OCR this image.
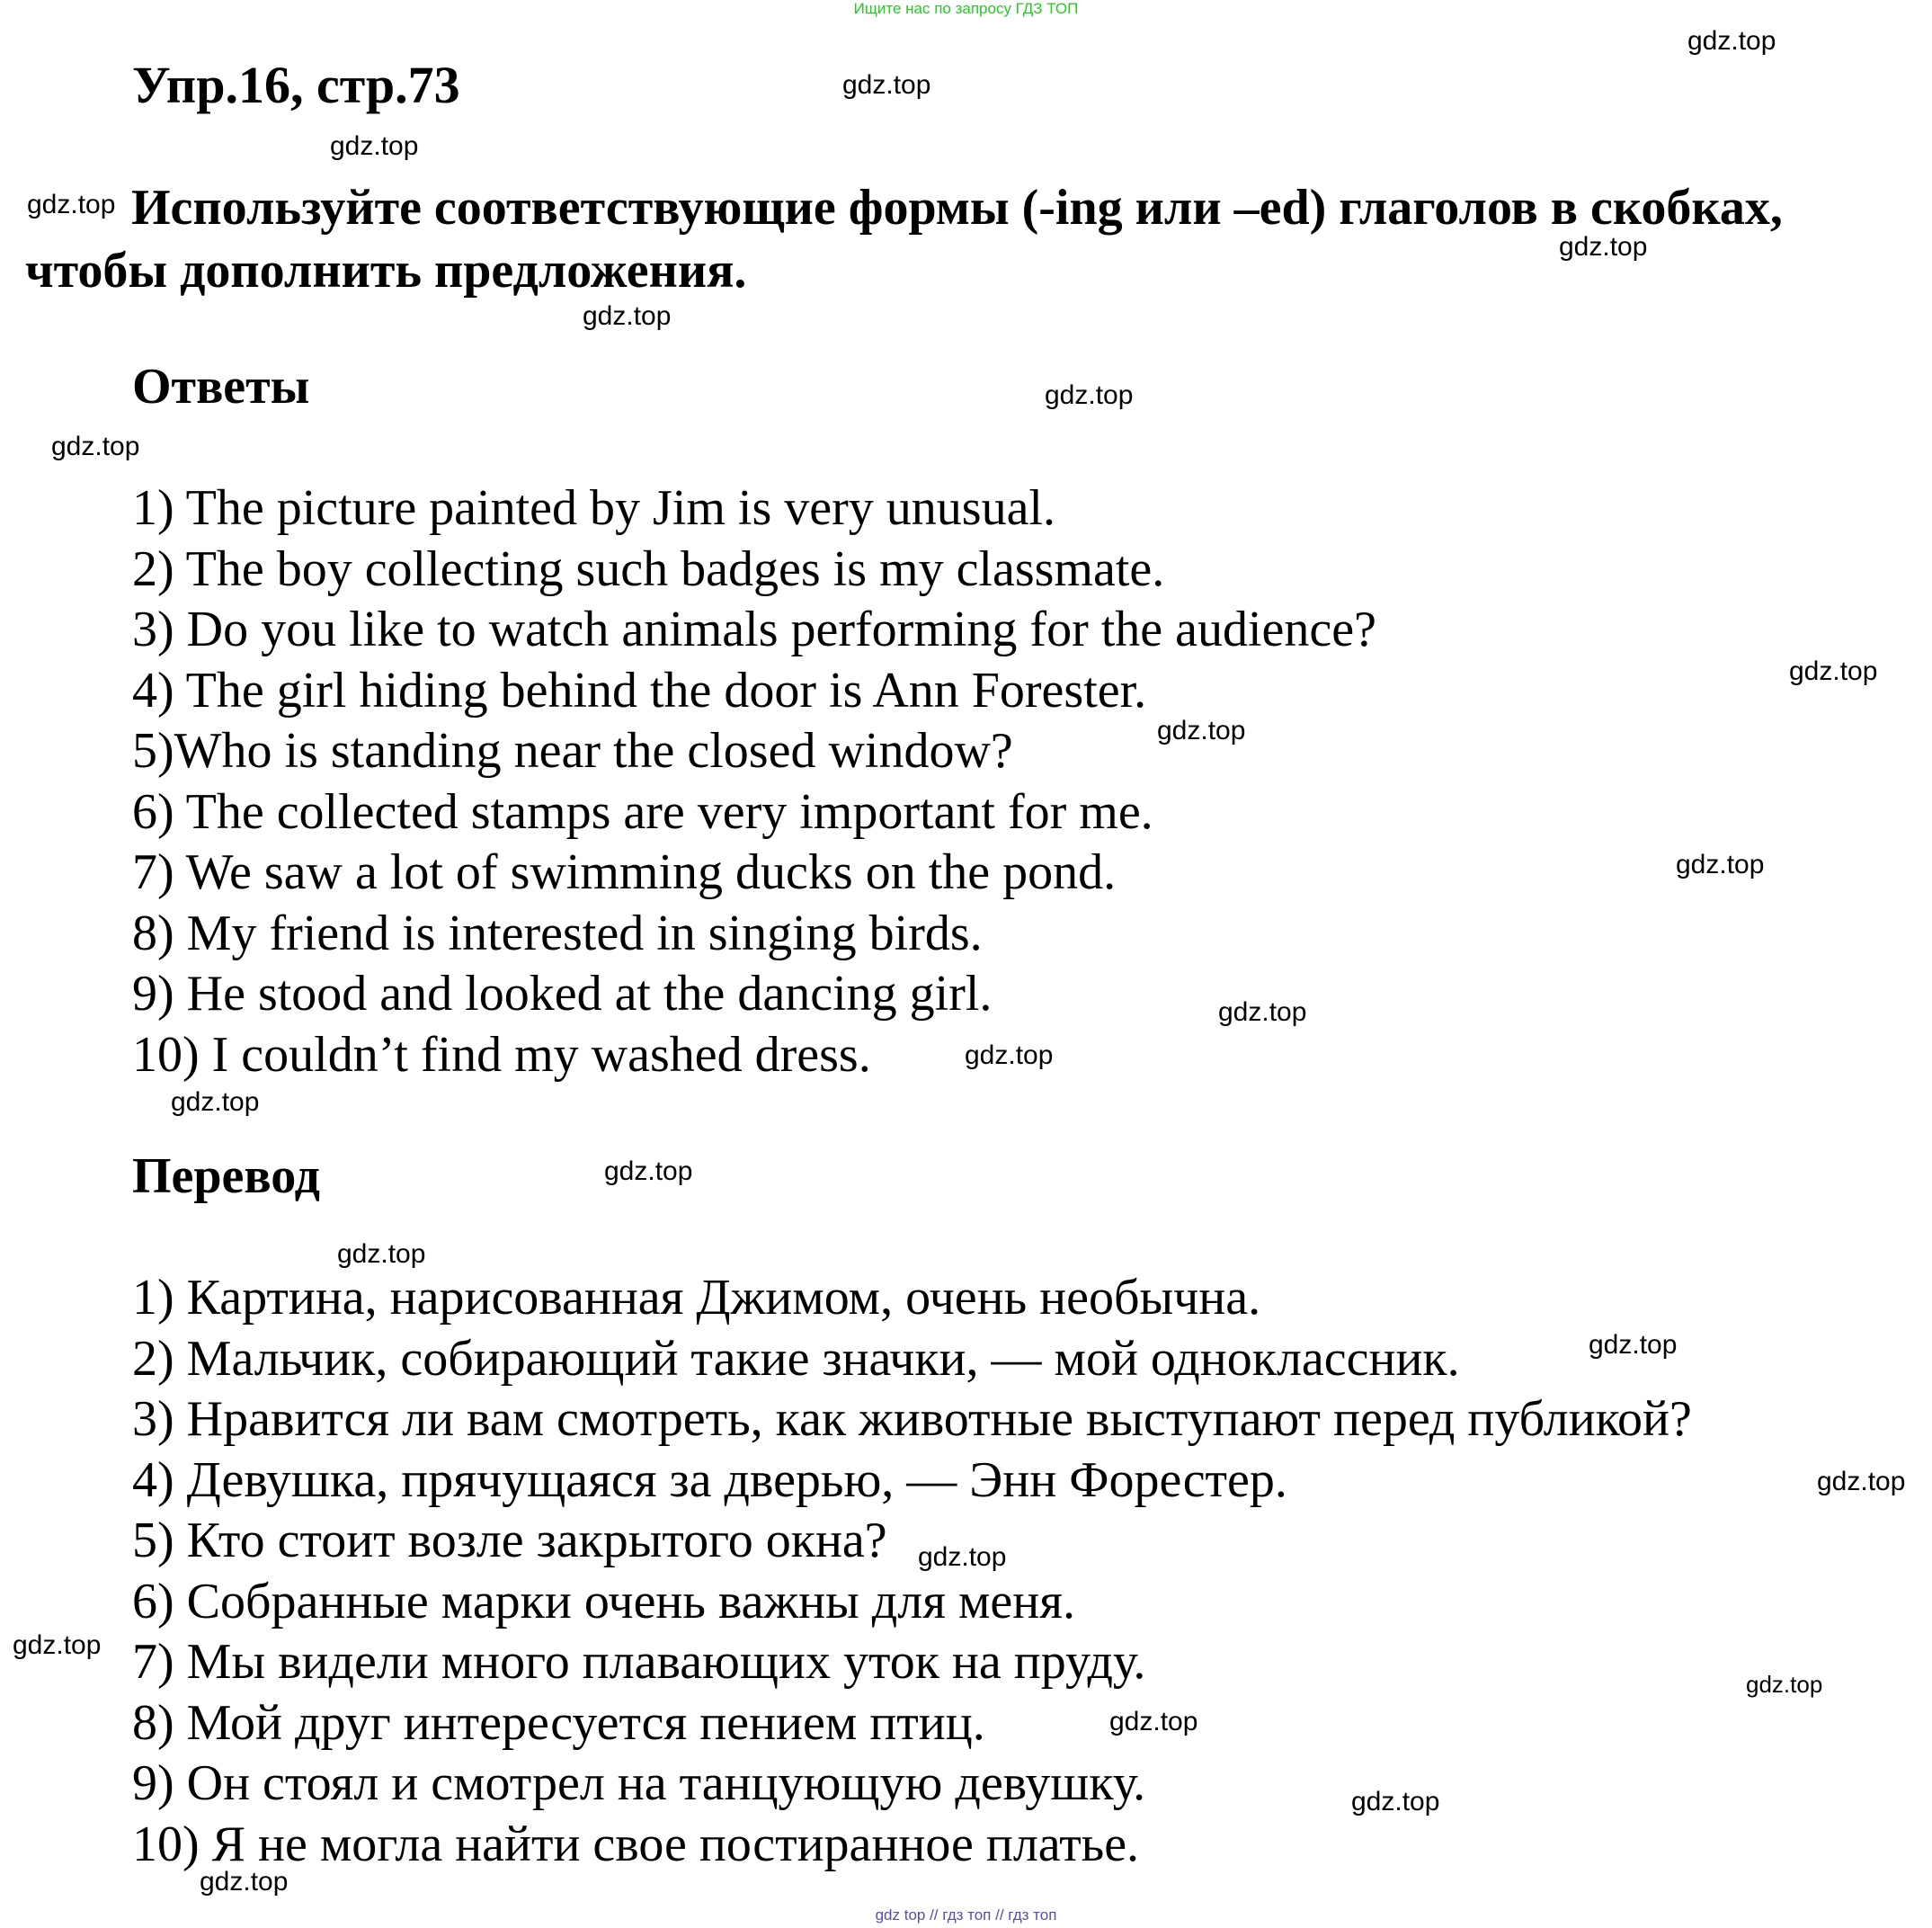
Ищите нас по запросу ГДЗ ТОП
Упр.16, стр.73
Используйте соответствующие формы (-ing или –ed) глаголов в скобках, чтобы дополнить предложения.
Ответы
1) The picture painted by Jim is very unusual.
2) The boy collecting such badges is my classmate.
3) Do you like to watch animals performing for the audience?
4) The girl hiding behind the door is Ann Forester.
5)Who is standing near the closed window?
6) The collected stamps are very important for me.
7) We saw a lot of swimming ducks on the pond.
8) My friend is interested in singing birds.
9) He stood and looked at the dancing girl.
10) I couldn’t find my washed dress.
Перевод
1) Картина, нарисованная Джимом, очень необычна.
2) Мальчик, собирающий такие значки, — мой одноклассник.
3) Нравится ли вам смотреть, как животные выступают перед публикой?
4) Девушка, прячущаяся за дверью, — Энн Форестер.
5) Кто стоит возле закрытого окна?
6) Собранные марки очень важны для меня.
7) Мы видели много плавающих уток на пруду.
8) Мой друг интересуется пением птиц.
9) Он стоял и смотрел на танцующую девушку.
10) Я не могла найти свое постиранное платье.
gdz.top
gdz.top
gdz.top
gdz.top
gdz.top
gdz.top
gdz.top
gdz.top
gdz.top
gdz.top
gdz.top
gdz.top
gdz.top
gdz.top
gdz.top
gdz.top
gdz.top
gdz.top
gdz.top
gdz.top
gdz.top
gdz.top
gdz.top
gdz.top
gdz top // гдз топ // гдз топ
